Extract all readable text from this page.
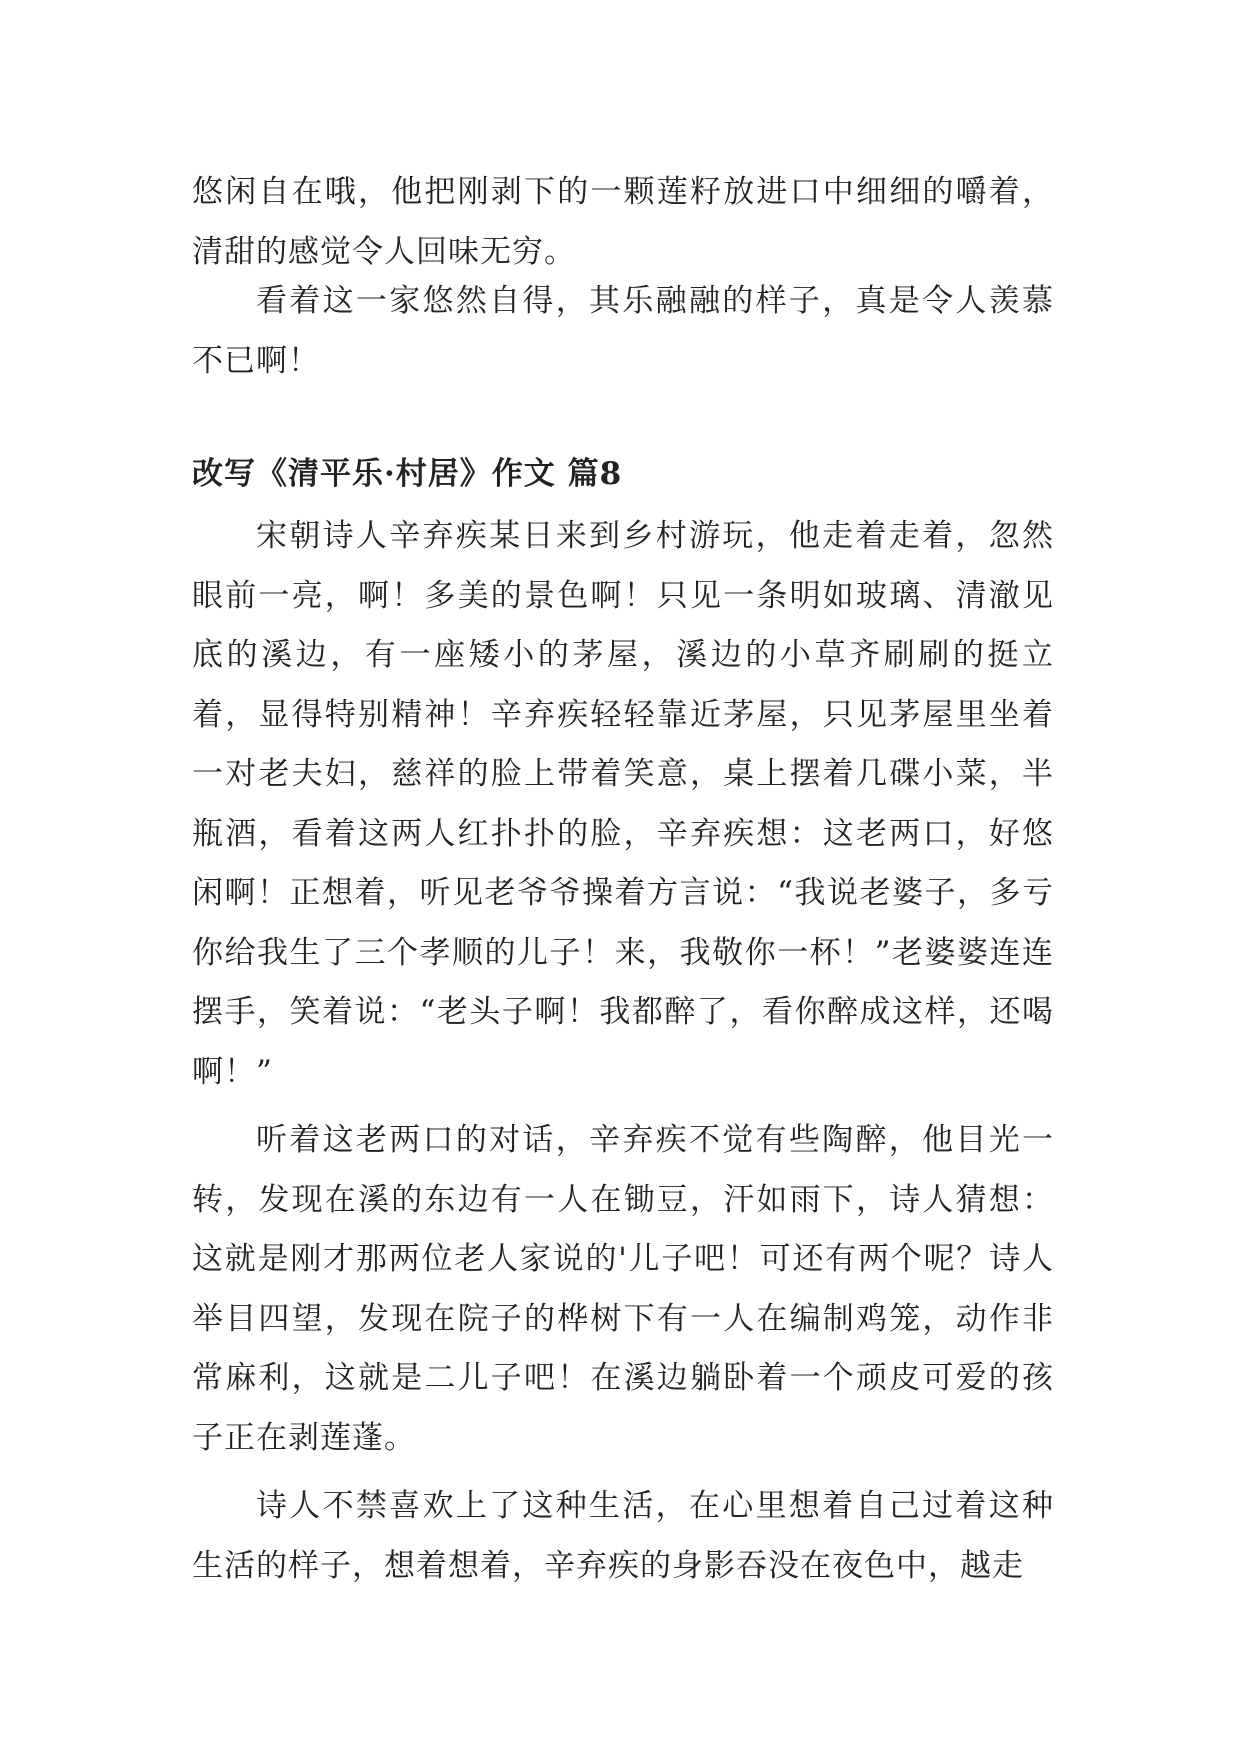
悠闲自在哦，他把刚剥下的一颗莲籽放进口中细细的嚼着，清甜的感觉令人回味无穷。

看着这一家悠然自得，其乐融融的样子，真是令人羡慕不已啊！

改写《清平乐·村居》作文 篇8

宋朝诗人辛弃疾某日来到乡村游玩，他走着走着，忽然眼前一亮，啊！多美的景色啊！只见一条明如玻璃、清澈见底的溪边，有一座矮小的茅屋，溪边的小草齐刷刷的挺立着，显得特别精神！辛弃疾轻轻靠近茅屋，只见茅屋里坐着一对老夫妇，慈祥的脸上带着笑意，桌上摆着几碟小菜，半瓶酒，看着这两人红扑扑的脸，辛弃疾想：这老两口，好悠闲啊！正想着，听见老爷爷操着方言说：“我说老婆子，多亏你给我生了三个孝顺的儿子！来，我敬你一杯！”老婆婆连连摆手，笑着说：“老头子啊！我都醉了，看你醉成这样，还喝啊！”

听着这老两口的对话，辛弃疾不觉有些陶醉，他目光一转，发现在溪的东边有一人在锄豆，汗如雨下，诗人猜想：这就是刚才那两位老人家说的'儿子吧！可还有两个呢？诗人举目四望，发现在院子的桦树下有一人在编制鸡笼，动作非常麻利，这就是二儿子吧！在溪边躺卧着一个顽皮可爱的孩子正在剥莲蓬。

诗人不禁喜欢上了这种生活，在心里想着自己过着这种生活的样子，想着想着，辛弃疾的身影吞没在夜色中，越走
